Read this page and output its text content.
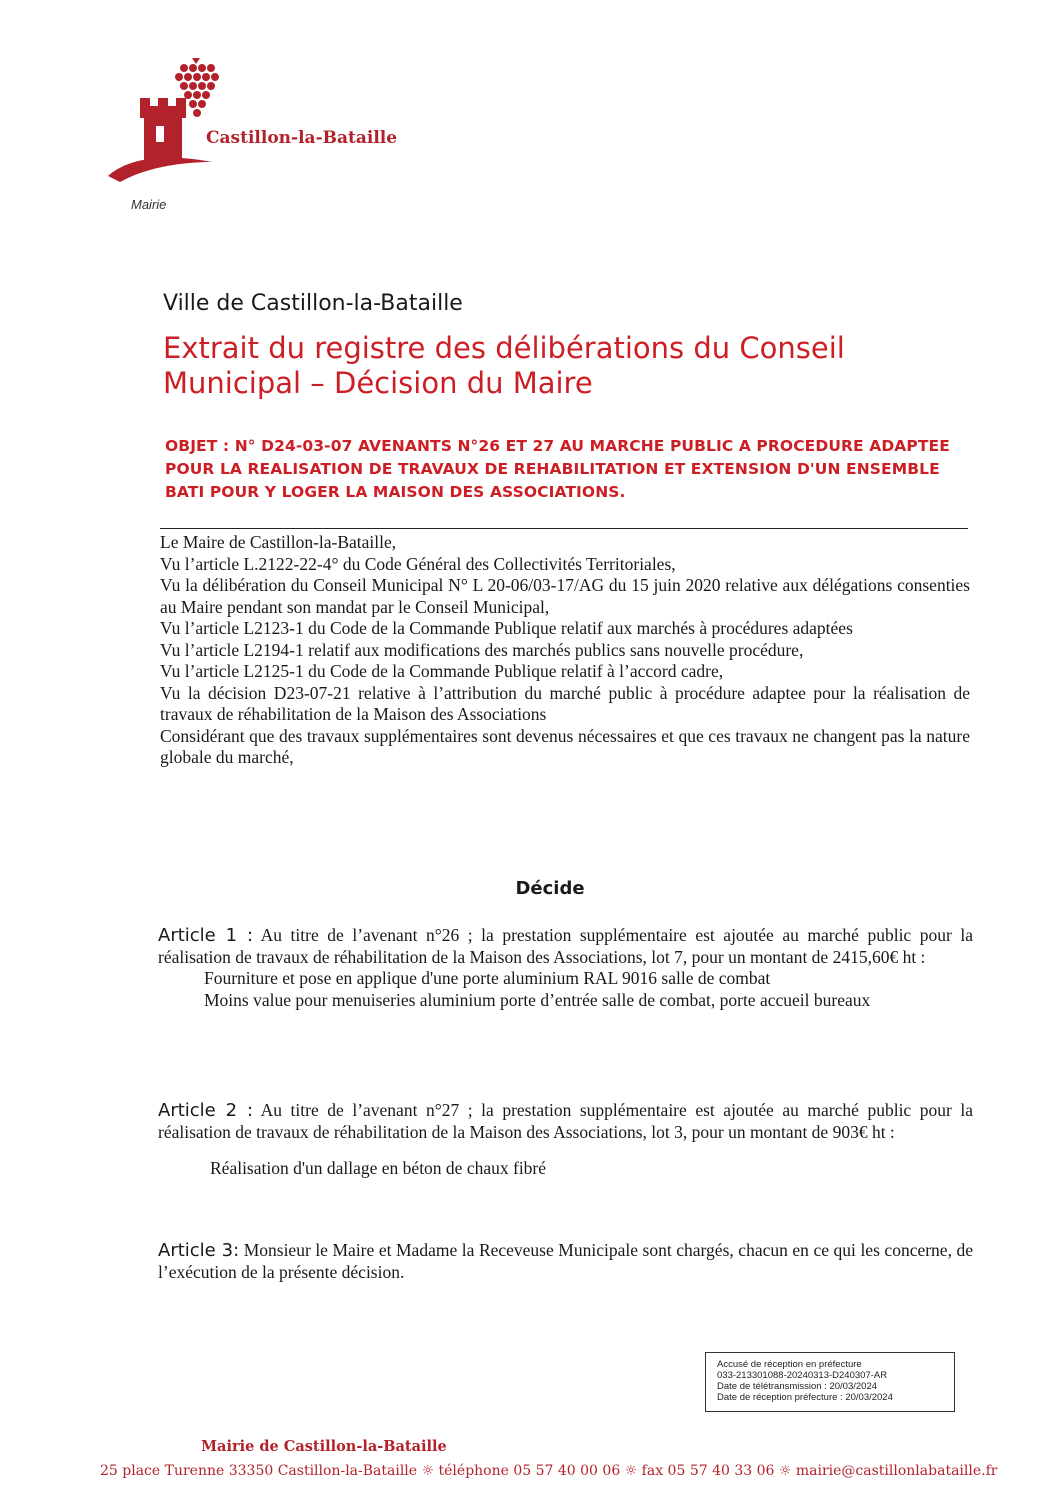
Castillon-la-Bataille
Mairie
Ville de Castillon-la-Bataille
Extrait du registre des délibérations du Conseil Municipal – Décision du Maire
OBJET : N° D24-03-07 AVENANTS N°26 ET 27 AU MARCHE PUBLIC A PROCEDURE ADAPTEE POUR LA REALISATION DE TRAVAUX DE REHABILITATION ET EXTENSION D'UN ENSEMBLE BATI POUR Y LOGER LA MAISON DES ASSOCIATIONS.

Le Maire de Castillon-la-Bataille,

Vu l’article L.2122-22-4° du Code Général des Collectivités Territoriales,

Vu la délibération du Conseil Municipal N° L 20-06/03-17/AG du 15 juin 2020 relative aux délégations consenties au Maire pendant son mandat par le Conseil Municipal,

Vu l’article L2123-1 du Code de la Commande Publique relatif aux marchés à procédures adaptées

Vu l’article L2194-1 relatif aux modifications des marchés publics sans nouvelle procédure,

Vu l’article L2125-1 du Code de la Commande Publique relatif à l’accord cadre,

Vu la décision D23-07-21 relative à l’attribution du marché public à procédure adaptee pour la réalisation de travaux de réhabilitation de la Maison des Associations

Considérant que des travaux supplémentaires sont devenus nécessaires et que ces travaux ne changent pas la nature globale du marché,

Décide

Article 1 : Au titre de l’avenant n°26 ; la prestation supplémentaire est ajoutée au marché public pour la réalisation de travaux de réhabilitation de la Maison des Associations, lot 7, pour un montant de 2415,60€ ht :

Fourniture et pose en applique d'une porte aluminium RAL 9016 salle de combat

Moins value pour menuiseries aluminium porte d’entrée salle de combat, porte accueil bureaux

Article 2 : Au titre de l’avenant n°27 ; la prestation supplémentaire est ajoutée au marché public pour la réalisation de travaux de réhabilitation de la Maison des Associations, lot 3, pour un montant de 903€ ht :

Réalisation d'un dallage en béton de chaux fibré

Article 3: Monsieur le Maire et Madame la Receveuse Municipale sont chargés, chacun en ce qui les concerne, de l’exécution de la présente décision.

Accusé de réception en préfecture
033-213301088-20240313-D240307-AR
Date de télétransmission : 20/03/2024
Date de réception préfecture : 20/03/2024
Mairie de Castillon-la-Bataille
25 place Turenne 33350 Castillon-la-Bataille ☼ téléphone 05 57 40 00 06 ☼ fax 05 57 40 33 06 ☼ mairie@castillonlabataille.fr
